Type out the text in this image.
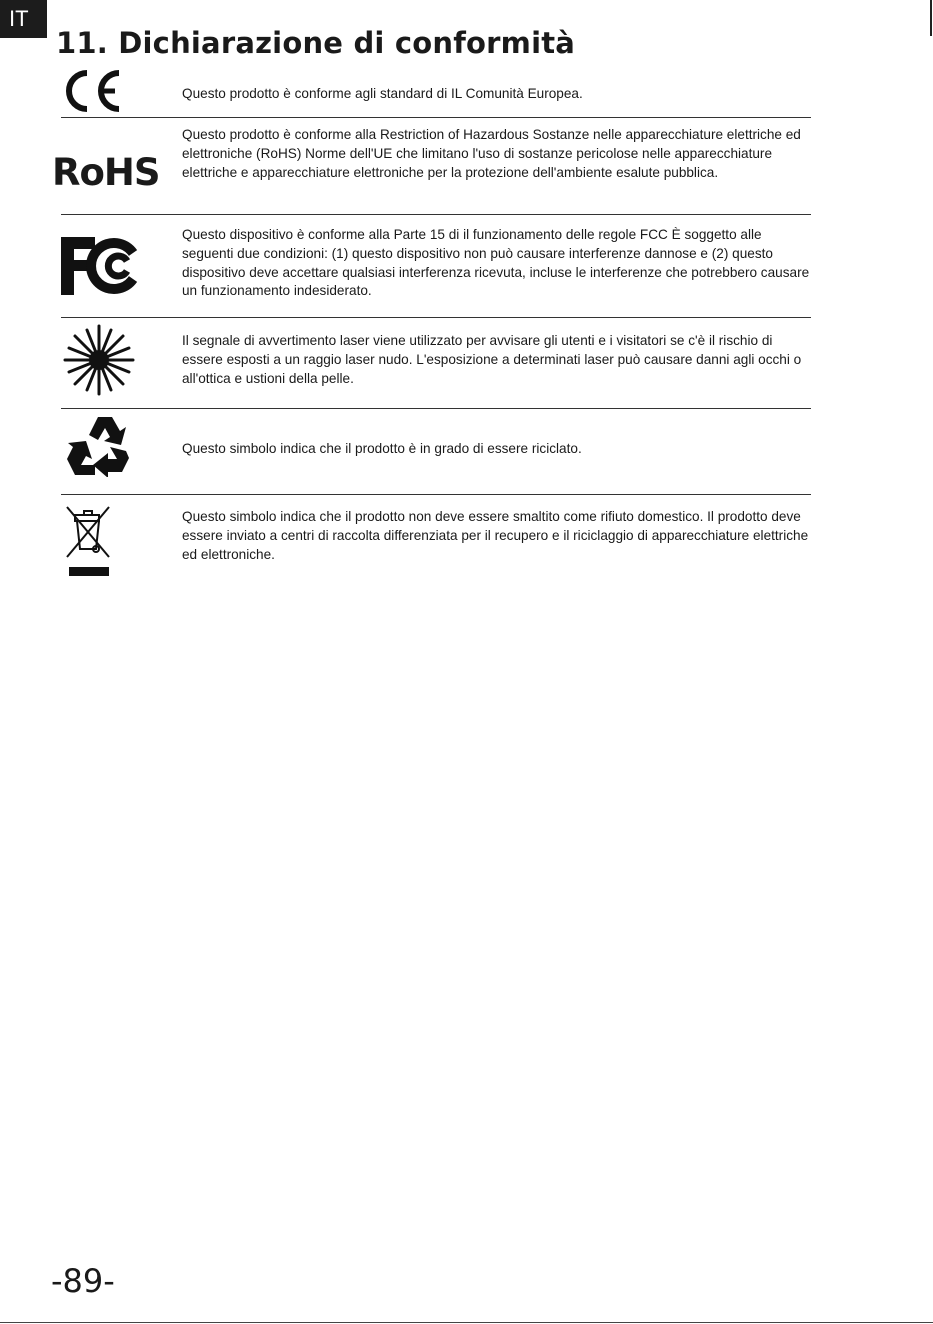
IT
11. Dichiarazione di conformità
Questo prodotto è conforme agli standard di IL Comunità Europea.
RoHS
Questo prodotto è conforme alla Restriction of Hazardous Sostanze nelle apparecchiature elettriche ed elettroniche (RoHS) Norme dell'UE che limitano l'uso di sostanze pericolose nelle apparecchiature elettriche e apparecchiature elettroniche per la protezione dell'ambiente esalute pubblica.
Questo dispositivo è conforme alla Parte 15 di il funzionamento delle regole FCC È soggetto alle seguenti due condizioni: (1) questo dispositivo non può causare interferenze dannose e (2) questo dispositivo deve accettare qualsiasi interferenza ricevuta, incluse le interferenze che potrebbero causare un funzionamento indesiderato.
Il segnale di avvertimento laser viene utilizzato per avvisare gli utenti e i visitatori se c'è il rischio di essere esposti a un raggio laser nudo. L'esposizione a determinati laser può causare danni agli occhi o all'ottica e ustioni della pelle.
Questo simbolo indica che il prodotto è in grado di essere riciclato.
Questo simbolo indica che il prodotto non deve essere smaltito come rifiuto domestico. Il prodotto deve essere inviato a centri di raccolta differenziata per il recupero e il riciclaggio di apparecchiature elettriche ed elettroniche.
-89-
